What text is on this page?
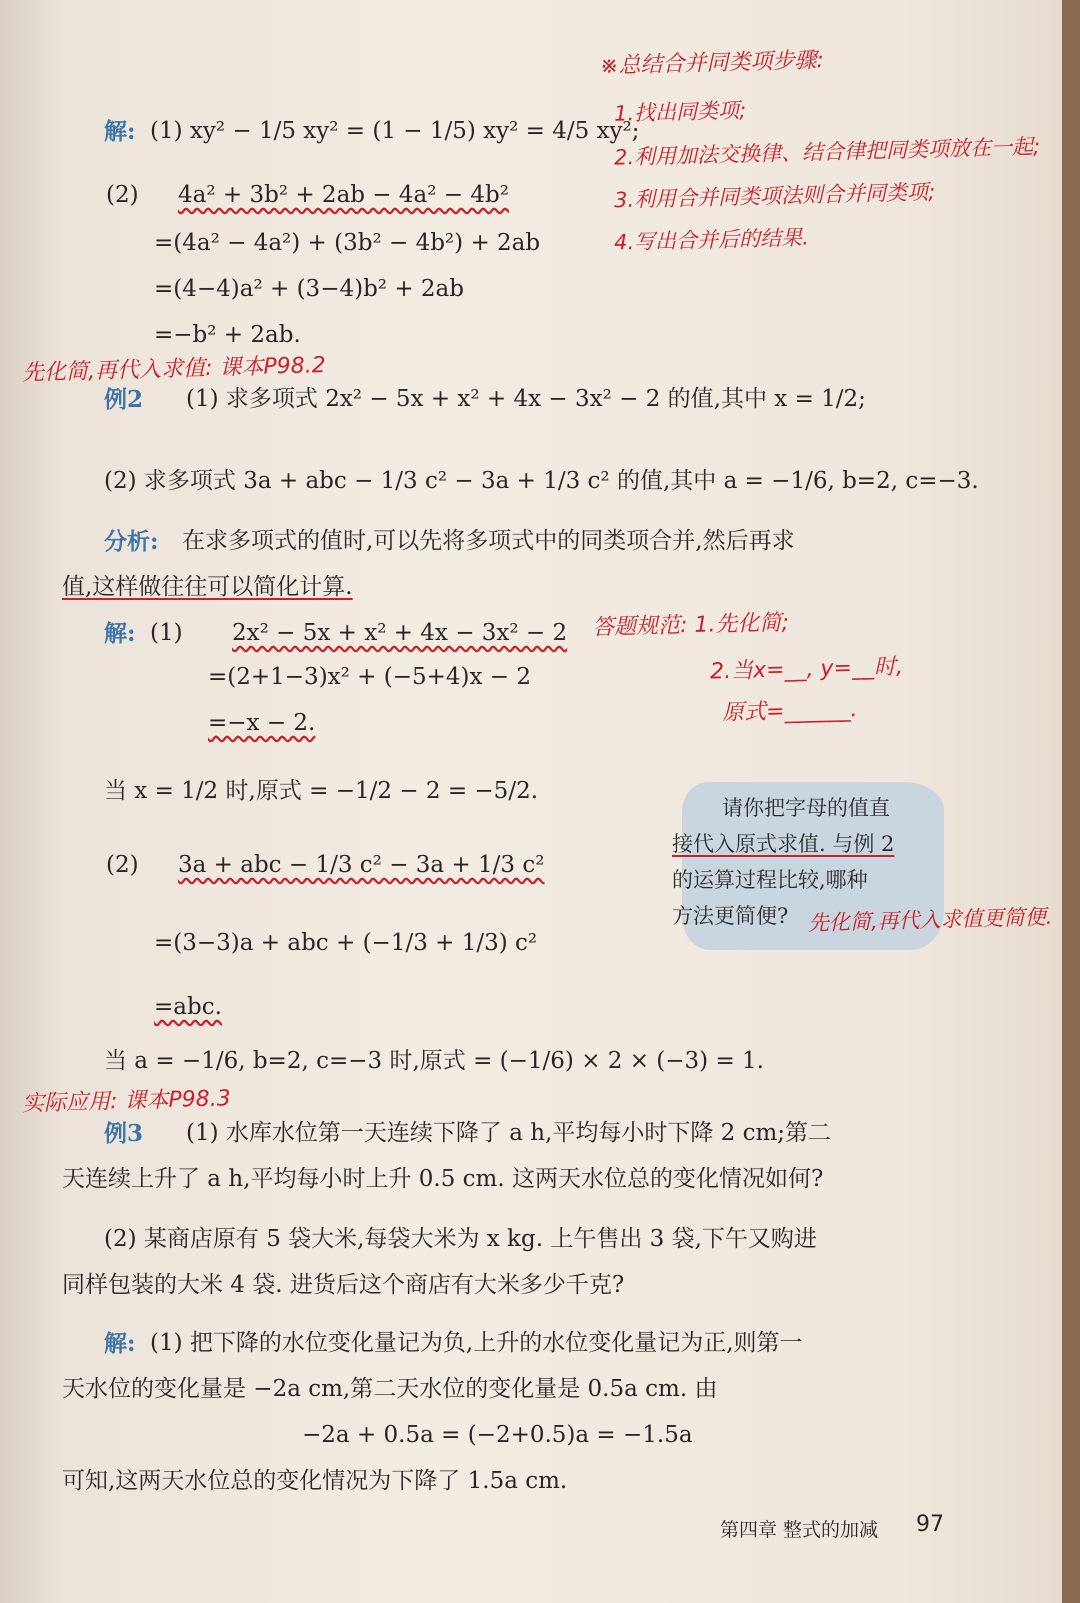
※总结合并同类项步骤:
1.找出同类项;
2.利用加法交换律、结合律把同类项放在一起;
3.利用合并同类项法则合并同类项;
4.写出合并后的结果.
解: (1) xy² − 1/5 xy² = (1 − 1/5) xy² = 4/5 xy²;
(2) 4a² + 3b² + 2ab − 4a² − 4b²
=(4a² − 4a²) + (3b² − 4b²) + 2ab
=(4−4)a² + (3−4)b² + 2ab
=−b² + 2ab.
先化简,再代入求值: 课本P98.2
例2 (1) 求多项式 2x² − 5x + x² + 4x − 3x² − 2 的值,其中 x = 1/2;
(2) 求多项式 3a + abc − 1/3 c² − 3a + 1/3 c² 的值,其中 a = −1/6, b=2, c=−3.
分析: 在求多项式的值时,可以先将多项式中的同类项合并,然后再求
值,这样做往往可以简化计算.
解: (1) 2x² − 5x + x² + 4x − 3x² − 2
=(2+1−3)x² + (−5+4)x − 2
=−x − 2.
当 x = 1/2 时,原式 = −1/2 − 2 = −5/2.
(2) 3a + abc − 1/3 c² − 3a + 1/3 c²
=(3−3)a + abc + (−1/3 + 1/3) c²
=abc.
当 a = −1/6, b=2, c=−3 时,原式 = (−1/6) × 2 × (−3) = 1.
答题规范: 1.先化简;
2.当x=__, y=__时,
原式=______.
请你把字母的值直
接代入原式求值. 与例 2
的运算过程比较,哪种
方法更简便? 先化简,再代入求值更简便.
实际应用: 课本P98.3
例3 (1) 水库水位第一天连续下降了 a h,平均每小时下降 2 cm;第二
天连续上升了 a h,平均每小时上升 0.5 cm. 这两天水位总的变化情况如何?
(2) 某商店原有 5 袋大米,每袋大米为 x kg. 上午售出 3 袋,下午又购进
同样包装的大米 4 袋. 进货后这个商店有大米多少千克?
解: (1) 把下降的水位变化量记为负,上升的水位变化量记为正,则第一
天水位的变化量是 −2a cm,第二天水位的变化量是 0.5a cm. 由
−2a + 0.5a = (−2+0.5)a = −1.5a
可知,这两天水位总的变化情况为下降了 1.5a cm.
第四章 整式的加减 97
